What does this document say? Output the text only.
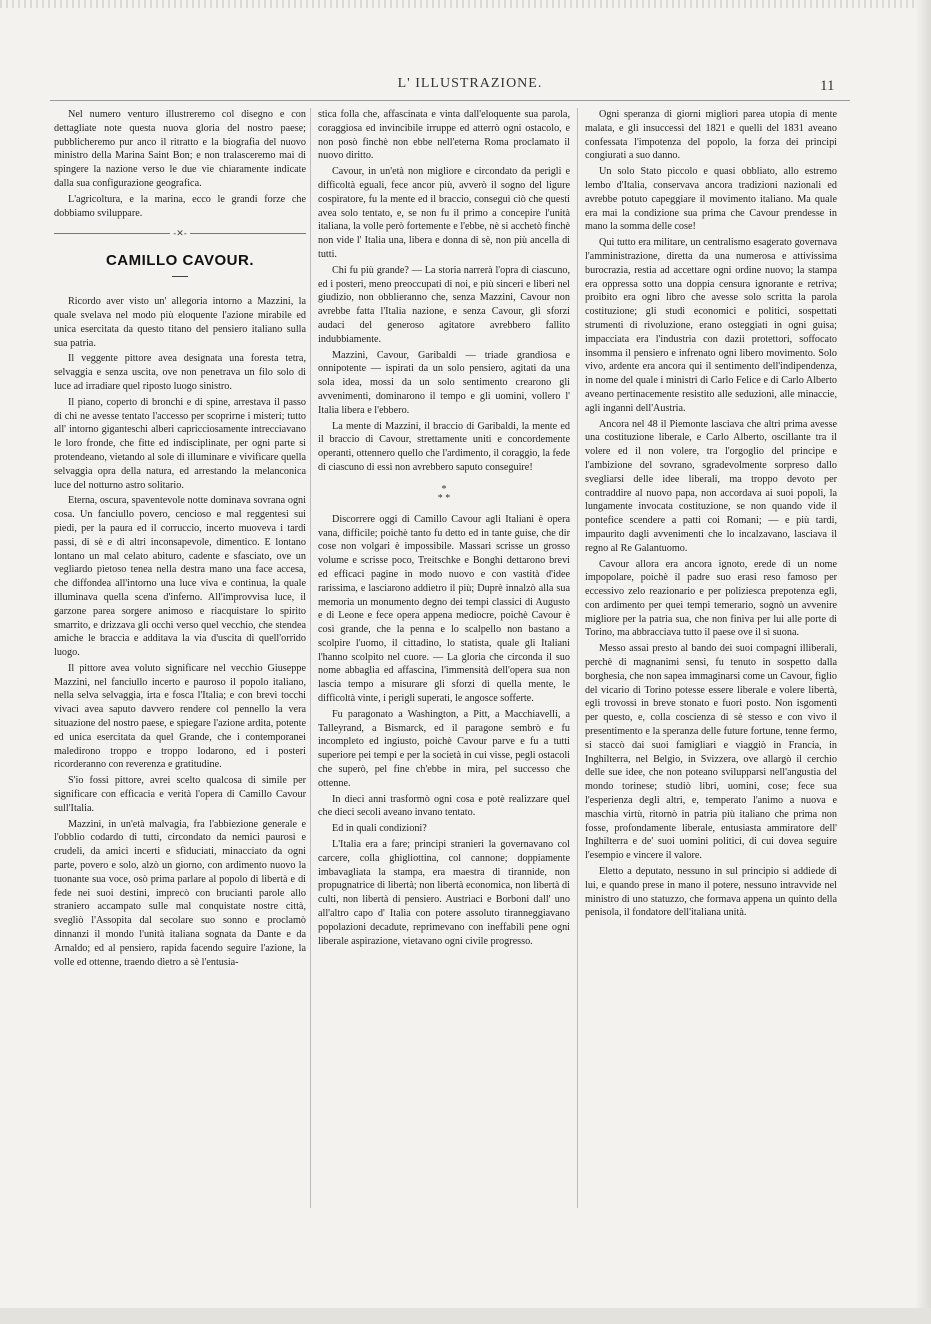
L' ILLUSTRAZIONE.	11

Nel numero venturo illustreremo col disegno e con dettagliate note questa nuova gloria del nostro paese; pubblicheremo pur anco il ritratto e la biografia del nuovo ministro della Marina Saint Bon; e non tralasceremo mai di spingere la nazione verso le due vie chiaramente indicate dalla sua configurazione geografica.

L'agricoltura, e la marina, ecco le grandi forze che dobbiamo sviluppare.

-✕-
CAMILLO CAVOUR.

Ricordo aver visto un' allegoria intorno a Mazzini, la quale svelava nel modo più eloquente l'azione mirabile ed unica esercitata da questo titano del pensiero italiano sulla sua patria.

Il veggente pittore avea designata una foresta tetra, selvaggia e senza uscita, ove non penetrava un filo solo di luce ad irradiare quel riposto luogo sinistro.

Il piano, coperto di bronchi e di spine, arrestava il passo di chi ne avesse tentato l'accesso per scoprirne i misteri; tutto all' intorno giganteschi alberi capricciosamente intrecciavano le loro fronde, che fitte ed indisciplinate, per ogni parte si protendeano, vietando al sole di illuminare e vivificare quella selvaggia opra della natura, ed arrestando la melanconica luce del notturno astro solitario.

Eterna, oscura, spaventevole notte dominava sovrana ogni cosa. Un fanciullo povero, cencioso e mal reggentesi sui piedi, per la paura ed il corruccio, incerto muoveva i tardi passi, di sè e di altri inconsapevole, dimentico. E lontano lontano un mal celato abituro, cadente e sfasciato, ove un vegliardo pietoso tenea nella destra mano una face accesa, che diffondea all'intorno una luce viva e continua, la quale illuminava quella scena d'inferno. All'improvvisa luce, il garzone parea sorgere animoso e riacquistare lo spirito smarrito, e drizzava gli occhi verso quel vecchio, che stendea amiche le braccia e additava la via d'uscita di quell'orrido luogo.

Il pittore avea voluto significare nel vecchio Giuseppe Mazzini, nel fanciullo incerto e pauroso il popolo italiano, nella selva selvaggia, irta e fosca l'Italia; e con brevi tocchi vivaci avea saputo davvero rendere col pennello la vera situazione del nostro paese, e spiegare l'azione ardita, potente ed unica esercitata da quel Grande, che i contemporanei maledirono troppo e troppo lodarono, ed i posteri ricorderanno con reverenza e gratitudine.

S'io fossi pittore, avrei scelto qualcosa di simile per significare con efficacia e verità l'opera di Camillo Cavour sull'Italia.

Mazzini, in un'età malvagia, fra l'abbiezione generale e l'obblio codardo di tutti, circondato da nemici paurosi e crudeli, da amici incerti e sfiduciati, minacciato da ogni parte, povero e solo, alzò un giorno, con ardimento nuovo la tuonante sua voce, osò prima parlare al popolo di libertà e di fede nei suoi destini, imprecò con brucianti parole allo straniero accampato sulle mal conquistate nostre città, svegliò l'Assopita dal secolare suo sonno e proclamò dinnanzi il mondo l'unità italiana sognata da Dante e da Arnaldo; ed al pensiero, rapida facendo seguire l'azione, la volle ed ottenne, traendo dietro a sè l'entusia-

stica folla che, affascinata e vinta dall'eloquente sua parola, coraggiosa ed invincibile irruppe ed atterrò ogni ostacolo, e non posò finchè non ebbe nell'eterna Roma proclamato il nuovo diritto.

Cavour, in un'età non migliore e circondato da perigli e difficoltà eguali, fece ancor più, avverò il sogno del ligure cospiratore, fu la mente ed il braccio, conseguì ciò che questi avea solo tentato, e, se non fu il primo a concepire l'unità italiana, la volle però fortemente e l'ebbe, nè si acchetò finchè non vide l' Italia una, libera e donna di sè, non più ancella di tutti.

Chi fu più grande? — La storia narrerà l'opra di ciascuno, ed i posteri, meno preoccupati di noi, e più sinceri e liberi nel giudizio, non obblieranno che, senza Mazzini, Cavour non avrebbe fatta l'Italia nazione, e senza Cavour, gli sforzi audaci del generoso agitatore avrebbero fallito indubbiamente.

Mazzini, Cavour, Garibaldi — triade grandiosa e onnipotente — ispirati da un solo pensiero, agitati da una sola idea, mossi da un solo sentimento crearono gli avvenimenti, dominarono il tempo e gli uomini, vollero l' Italia libera e l'ebbero.

La mente di Mazzini, il braccio di Garibaldi, la mente ed il braccio di Cavour, strettamente uniti e concordemente operanti, ottennero quello che l'ardimento, il coraggio, la fede di ciascuno di essi non avrebbero saputo conseguire!

*
* *

Discorrere oggi di Camillo Cavour agli Italiani è opera vana, difficile; poichè tanto fu detto ed in tante guise, che dir cose non volgari è impossibile. Massari scrisse un grosso volume e scrisse poco, Treitschke e Bonghi dettarono brevi ed efficaci pagine in modo nuovo e con vastità d'idee rarissima, e lasciarono addietro il più; Duprè innalzò alla sua memoria un monumento degno dei tempi classici di Augusto e di Leone e fece opera appena mediocre, poichè Cavour è così grande, che la penna e lo scalpello non bastano a scolpire l'uomo, il cittadino, lo statista, quale gli Italiani l'hanno scolpito nel cuore. — La gloria che circonda il suo nome abbaglia ed affascina, l'immensità dell'opera sua non lascia tempo a misurare gli sforzi di quella mente, le difficoltà vinte, i perigli superati, le angosce sofferte.

Fu paragonato a Washington, a Pitt, a Macchiavelli, a Talleyrand, a Bismarck, ed il paragone sembrò e fu incompleto ed ingiusto, poichè Cavour parve e fu a tutti superiore pei tempi e per la società in cui visse, pegli ostacoli che superò, pel fine ch'ebbe in mira, pel successo che ottenne.

In dieci anni trasformò ogni cosa e potè realizzare quel che dieci secoli aveano invano tentato.

Ed in quali condizioni?

L'Italia era a fare; principi stranieri la governavano col carcere, colla ghigliottina, col cannone; doppiamente imbavagliata la stampa, era maestra di tirannide, non propugnatrice di libertà; non libertà economica, non libertà di culti, non libertà di pensiero. Austriaci e Borboni dall' uno all'altro capo d' Italia con potere assoluto tiranneggiavano popolazioni decadute, reprimevano con ineffabili pene ogni liberale aspirazione, vietavano ogni civile progresso.

Ogni speranza di giorni migliori parea utopia di mente malata, e gli insuccessi del 1821 e quelli del 1831 aveano confessata l'impotenza del popolo, la forza dei principi congiurati a suo danno.

Un solo Stato piccolo e quasi obbliato, allo estremo lembo d'Italia, conservava ancora tradizioni nazionali ed avrebbe potuto capeggiare il movimento italiano. Ma quale era mai la condizione sua prima che Cavour prendesse in mano la somma delle cose!

Qui tutto era militare, un centralismo esagerato governava l'amministrazione, diretta da una numerosa e attivissima burocrazia, restia ad accettare ogni ordine nuovo; la stampa era oppressa sotto una doppia censura ignorante e retriva; proibito era ogni libro che avesse solo scritta la parola costituzione; gli studi economici e politici, sospettati strumenti di rivoluzione, erano osteggiati in ogni guisa; impacciata era l'industria con dazii protettori, soffocato insomma il pensiero e infrenato ogni libero movimento. Solo vivo, ardente era ancora qui il sentimento dell'indipendenza, in nome del quale i ministri di Carlo Felice e di Carlo Alberto aveano pertinacemente resistito alle seduzioni, alle minaccie, agli inganni dell'Austria.

Ancora nel 48 il Piemonte lasciava che altri prima avesse una costituzione liberale, e Carlo Alberto, oscillante tra il volere ed il non volere, tra l'orgoglio del principe e l'ambizione del sovrano, sgradevolmente sorpreso dallo svegliarsi delle idee liberali, ma troppo devoto per contraddire al nuovo papa, non accordava ai suoi popoli, la lungamente invocata costituzione, se non quando vide il pontefice scendere a patti coi Romani; — e più tardi, impaurito dagli avvenimenti che lo incalzavano, lasciava il regno al Re Galantuomo.

Cavour allora era ancora ignoto, erede di un nome impopolare, poichè il padre suo erasi reso famoso per eccessivo zelo reazionario e per poliziesca prepotenza egli, con ardimento per quei tempi temerario, sognò un avvenire migliore per la patria sua, che non finiva per lui alle porte di Torino, ma abbracciava tutto il paese ove il sì suona.

Messo assai presto al bando dei suoi compagni illiberali, perchè di magnanimi sensi, fu tenuto in sospetto dalla borghesia, che non sapea immaginarsi come un Cavour, figlio del vicario di Torino potesse essere liberale e volere libertà, egli trovossi in breve stonato e fuori posto. Non isgomentì per questo, e, colla coscienza di sè stesso e con vivo il presentimento e la speranza delle future fortune, tenne fermo, si staccò dai suoi famigliari e viaggiò in Francia, in Inghilterra, nel Belgio, in Svizzera, ove allargò il cerchio delle sue idee, che non poteano svilupparsi nell'angustia del mondo torinese; studiò libri, uomini, cose; fece sua l'esperienza degli altri, e, temperato l'animo a nuova e maschia virtù, ritornò in patria più italiano che prima non fosse, profondamente liberale, entusiasta ammiratore dell' Inghilterra e de' suoi uomini politici, di cui dovea seguire l'esempio e vincere il valore.

Eletto a deputato, nessuno in sul principio si addiede di lui, e quando prese in mano il potere, nessuno intravvide nel ministro di uno statuzzo, che formava appena un quinto della penisola, il fondatore dell'italiana unità.
